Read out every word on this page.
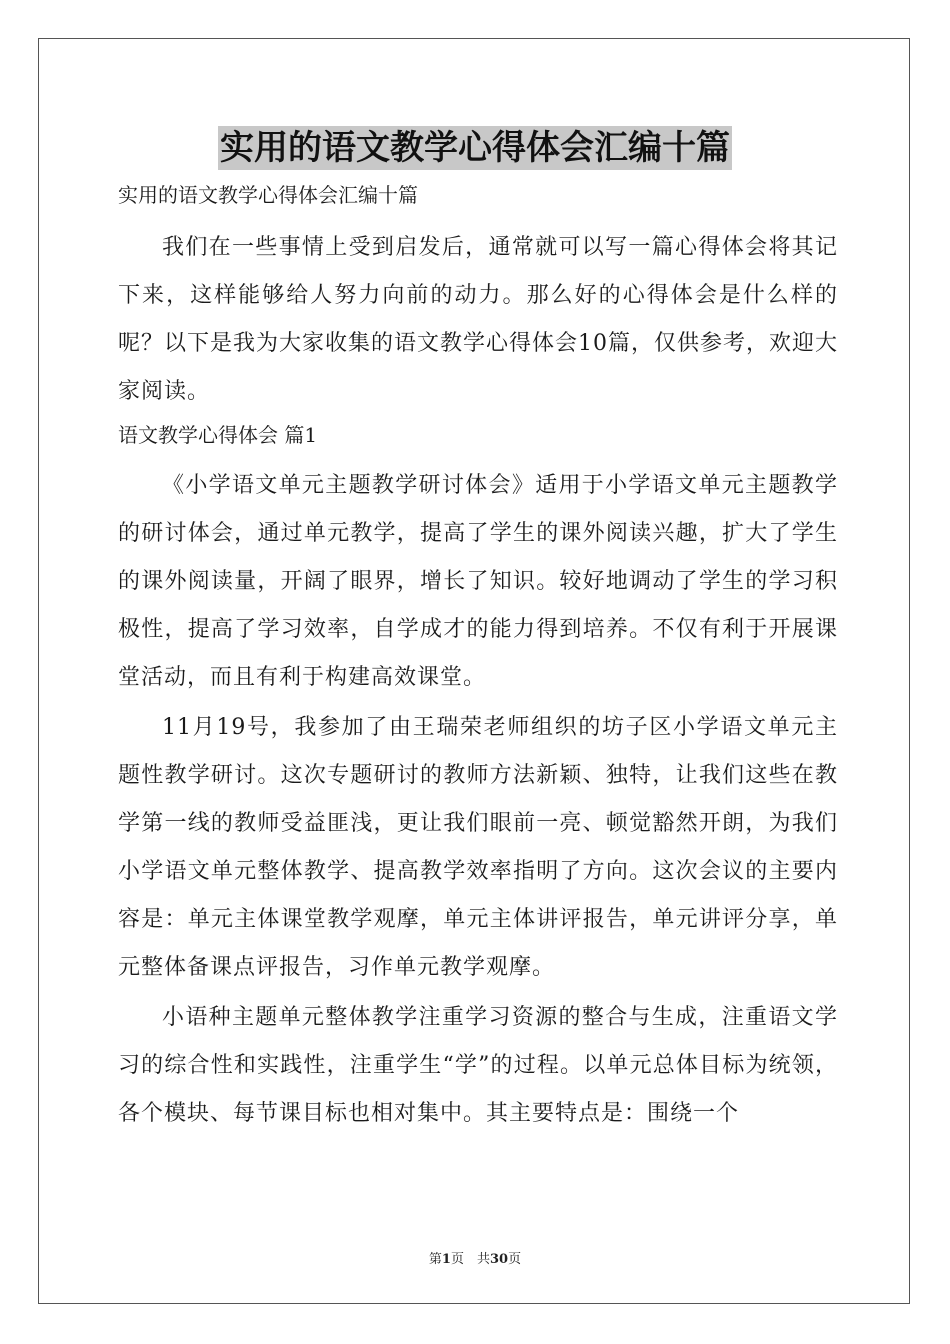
实用的语文教学心得体会汇编十篇

实用的语文教学心得体会汇编十篇

我们在一些事情上受到启发后，通常就可以写一篇心得体会将其记下来，这样能够给人努力向前的动力。那么好的心得体会是什么样的呢？以下是我为大家收集的语文教学心得体会10篇，仅供参考，欢迎大家阅读。

语文教学心得体会 篇1

《小学语文单元主题教学研讨体会》适用于小学语文单元主题教学的研讨体会，通过单元教学，提高了学生的课外阅读兴趣，扩大了学生的课外阅读量，开阔了眼界，增长了知识。较好地调动了学生的学习积极性，提高了学习效率，自学成才的能力得到培养。不仅有利于开展课堂活动，而且有利于构建高效课堂。

11月19号，我参加了由王瑞荣老师组织的坊子区小学语文单元主题性教学研讨。这次专题研讨的教师方法新颖、独特，让我们这些在教学第一线的教师受益匪浅，更让我们眼前一亮、顿觉豁然开朗，为我们小学语文单元整体教学、提高教学效率指明了方向。这次会议的主要内容是：单元主体课堂教学观摩，单元主体讲评报告，单元讲评分享，单元整体备课点评报告，习作单元教学观摩。

小语种主题单元整体教学注重学习资源的整合与生成，注重语文学习的综合性和实践性，注重学生“学”的过程。以单元总体目标为统领，各个模块、每节课目标也相对集中。其主要特点是：围绕一个

第1页　共30页
